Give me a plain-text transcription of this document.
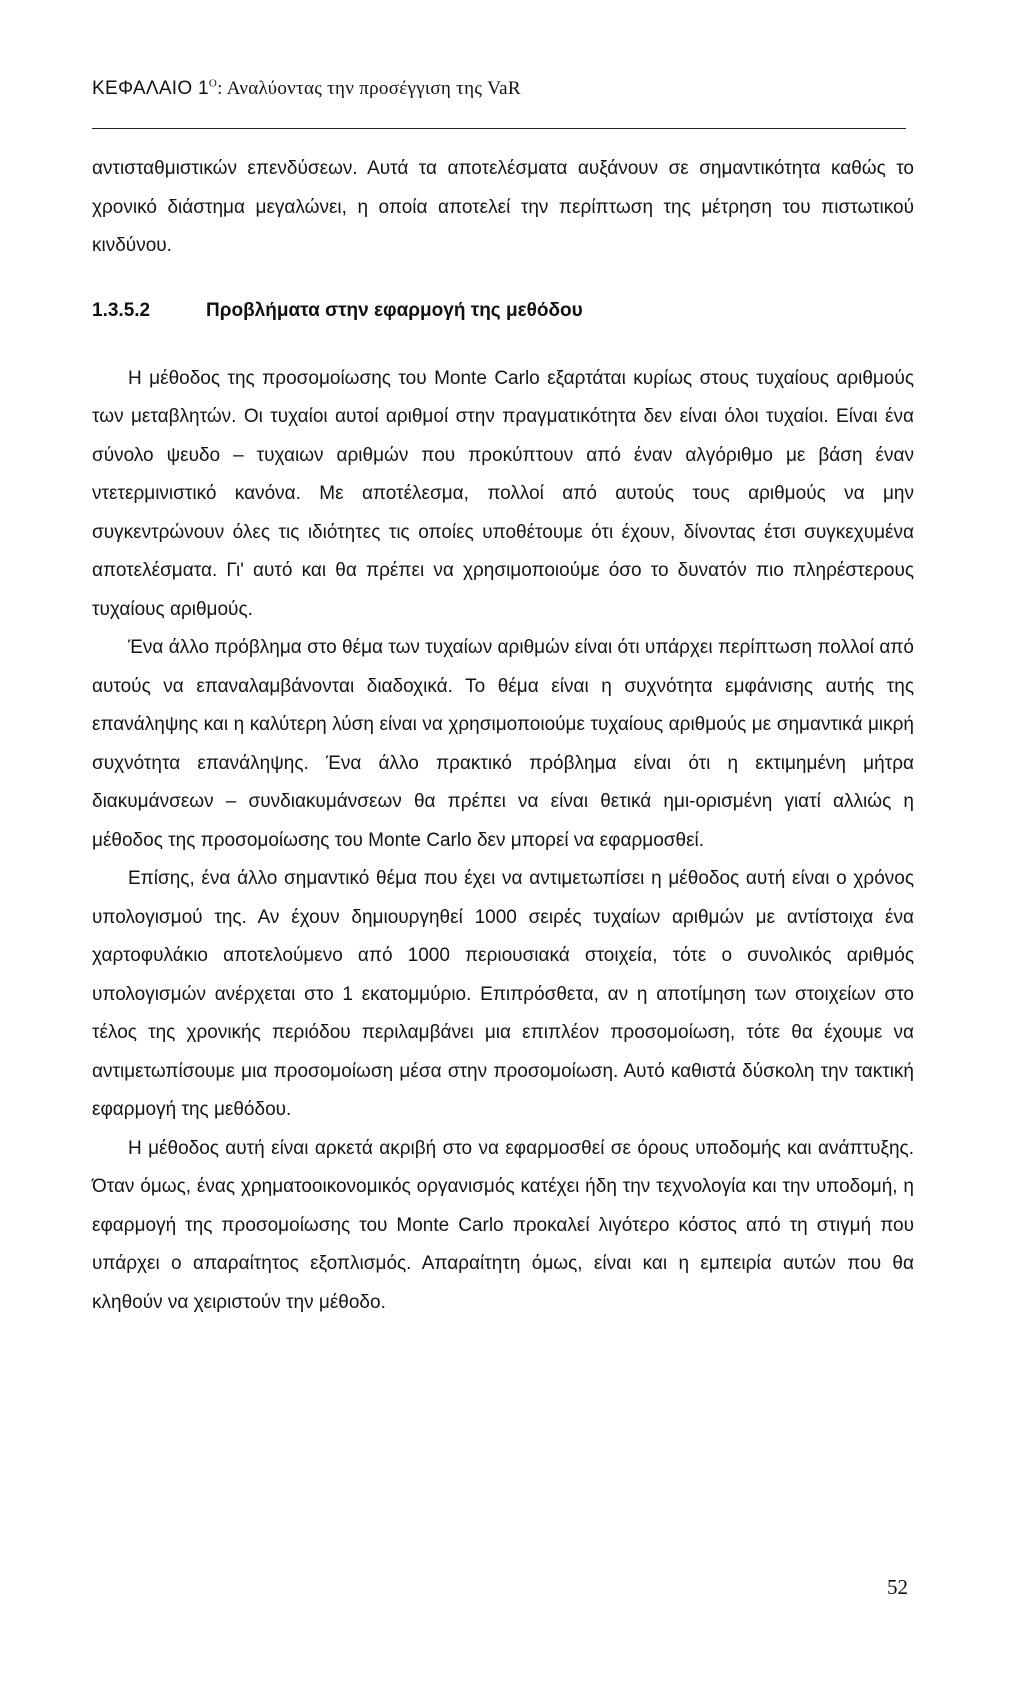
ΚΕΦΑΛΑΙΟ $1^O$: Αναλύοντας την προσέγγιση της VaR

αντισταθμιστικών επενδύσεων. Αυτά τα αποτελέσματα αυξάνουν σε σημαντικότητα καθώς το χρονικό διάστημα μεγαλώνει, η οποία αποτελεί την περίπτωση της μέτρηση του πιστωτικού κινδύνου.

1.3.5.2	Προβλήματα στην εφαρμογή της μεθόδου

Η μέθοδος της προσομοίωσης του Monte Carlo εξαρτάται κυρίως στους τυχαίους αριθμούς των μεταβλητών. Οι τυχαίοι αυτοί αριθμοί στην πραγματικότητα δεν είναι όλοι τυχαίοι. Είναι ένα σύνολο ψευδο – τυχαιων αριθμών που προκύπτουν από έναν αλγόριθμο με βάση έναν ντετερμινιστικό κανόνα. Με αποτέλεσμα, πολλοί από αυτούς τους αριθμούς να μην συγκεντρώνουν όλες τις ιδιότητες τις οποίες υποθέτουμε ότι έχουν, δίνοντας έτσι συγκεχυμένα αποτελέσματα. Γι' αυτό και θα πρέπει να χρησιμοποιούμε όσο το δυνατόν πιο πληρέστερους τυχαίους αριθμούς.

Ένα άλλο πρόβλημα στο θέμα των τυχαίων αριθμών είναι ότι υπάρχει περίπτωση πολλοί από αυτούς να επαναλαμβάνονται διαδοχικά. Το θέμα είναι η συχνότητα εμφάνισης αυτής της επανάληψης και η καλύτερη λύση είναι να χρησιμοποιούμε τυχαίους αριθμούς με σημαντικά μικρή συχνότητα επανάληψης. Ένα άλλο πρακτικό πρόβλημα είναι ότι η εκτιμημένη μήτρα διακυμάνσεων – συνδιακυμάνσεων θα πρέπει να είναι θετικά ημι-ορισμένη γιατί αλλιώς η μέθοδος της προσομοίωσης του Monte Carlo δεν μπορεί να εφαρμοσθεί.

Επίσης, ένα άλλο σημαντικό θέμα που έχει να αντιμετωπίσει η μέθοδος αυτή είναι ο χρόνος υπολογισμού της. Αν έχουν δημιουργηθεί 1000 σειρές τυχαίων αριθμών με αντίστοιχα ένα χαρτοφυλάκιο αποτελούμενο από 1000 περιουσιακά στοιχεία, τότε ο συνολικός αριθμός υπολογισμών ανέρχεται στο 1 εκατομμύριο. Επιπρόσθετα, αν η αποτίμηση των στοιχείων στο τέλος της χρονικής περιόδου περιλαμβάνει μια επιπλέον προσομοίωση, τότε θα έχουμε να αντιμετωπίσουμε μια προσομοίωση μέσα στην προσομοίωση. Αυτό καθιστά δύσκολη την τακτική εφαρμογή της μεθόδου.

Η μέθοδος αυτή είναι αρκετά ακριβή στο να εφαρμοσθεί σε όρους υποδομής και ανάπτυξης. Όταν όμως, ένας χρηματοοικονομικός οργανισμός κατέχει ήδη την τεχνολογία και την υποδομή, η εφαρμογή της προσομοίωσης του Monte Carlo προκαλεί λιγότερο κόστος από τη στιγμή που υπάρχει ο απαραίτητος εξοπλισμός. Απαραίτητη όμως, είναι και η εμπειρία αυτών που θα κληθούν να χειριστούν την μέθοδο.

52
